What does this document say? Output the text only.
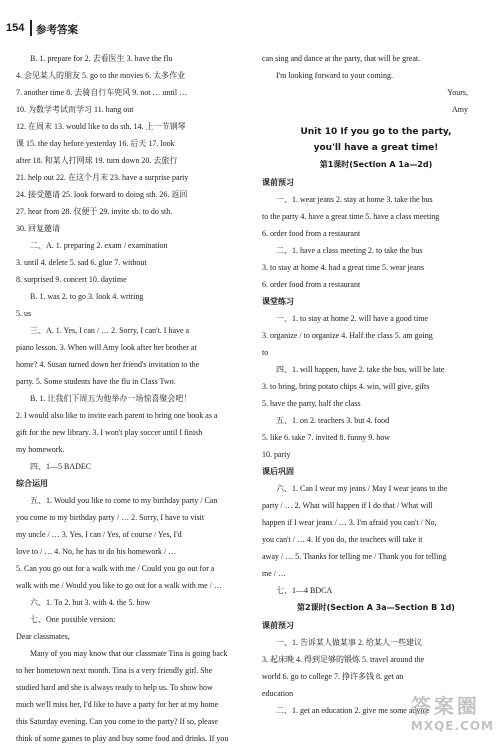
154 参考答案
B. 1. prepare for 2. 去看医生 3. have the flu
4. 会见某人的朋友 5. go to the movies 6. 太多作业
7. another time 8. 去骑自行车兜风 9. not … until …
10. 为数学考试而学习 11. hang out
12. 在周末 13. would like to do sth. 14. 上一节钢琴
课 15. the day before yesterday 16. 后天 17. look
after 18. 和某人打网球 19. turn down 20. 去旅行
21. help out 22. 在这个月末 23. have a surprise party
24. 接受邀请 25. look forward to doing sth. 26. 返回
27. hear from 28. 仅便于 29. invite sb. to do sth.
30. 回复邀请
二、A. 1. preparing 2. exam / examination
3. until 4. delete 5. sad 6. glue 7. without
8. surprised 9. concert 10. daytime
B. 1. was 2. to go 3. look 4. writing
5. us
三、A. 1. Yes, I can / … 2. Sorry, I can't. I have a
piano lesson. 3. When will Amy look after her brother at
home? 4. Susan turned down her friend's invitation to the
party. 5. Some students have the flu in Class Two.
B. 1. 让我们下周五为他举办一场惊喜聚会吧！
2. I would also like to invite each parent to bring one book as a
gift for the new library. 3. I won't play soccer until I finish
my homework.
四、1—5 BADEC
综合运用
五、1. Would you like to come to my birthday party / Can
you come to my birthday party / … 2. Sorry, I have to visit
my uncle / … 3. Yes, I can / Yes, of course / Yes, I'd
love to / … 4. No, he has to do his homework / …
5. Can you go out for a walk with me / Could you go out for a
walk with me / Would you like to go out for a walk with me / …
六、1. To 2. but 3. with 4. the 5. how
七、One possible version:
Dear classmates,
Many of you may know that our classmate Tina is going back
to her hometown next month. Tina is a very friendly girl. She
studied hard and she is always ready to help us. To show how
much we'll miss her, I'd like to have a party for her at my home
this Saturday evening. Can you come to the party? If so, please
think of some games to play and buy some food and drinks. If you
can sing and dance at the party, that will be great.
I'm looking forward to your coming.
Yours,
Amy
Unit 10 If you go to the party,
you'll have a great time!
第1课时(Section A 1a—2d)
课前预习
一、1. wear jeans 2. stay at home 3. take the bus
to the party 4. have a great time 5. have a class meeting
6. order food from a restaurant
二、1. have a class meeting 2. to take the bus
3. to stay at home 4. had a great time 5. wear jeans
6. order food from a restaurant
课堂练习
一、1. to stay at home 2. will have a good time
3. organize / to organize 4. Half the class 5. am going
to
四、1. will happen, have 2. take the bus, will be late
3. to bring, bring potato chips 4. win, will give, gifts
5. have the party, half the class
五、1. on 2. teachers 3. but 4. food
5. like 6. take 7. invited 8. funny 9. how
10. party
课后巩固
六、1. Can I wear my jeans / May I wear jeans to the
party / … 2. What will happen if I do that / What will
happen if I wear jeans / … 3. I'm afraid you can't / No,
you can't / … 4. If you do, the teachers will take it
away / … 5. Thanks for telling me / Thank you for telling
me / …
七、1—4 BDCA
第2课时(Section A 3a—Section B 1d)
课前预习
一、1. 告诉某人做某事 2. 给某人一些建议
3. 起床晚 4. 得到足够的锻炼 5. travel around the
world 6. go to college 7. 挣许多钱 8. get an
education
二、1. get an education 2. give me some advice
答案圈
MXQE.COM
